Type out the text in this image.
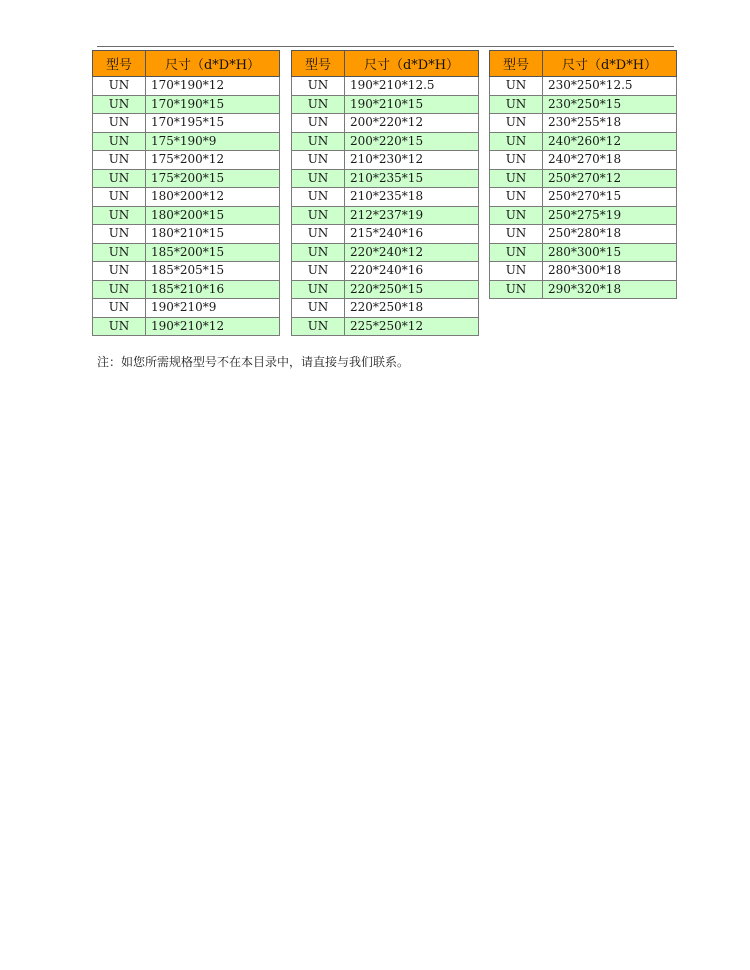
型号	尺寸（d*D*H）
UN	170*190*12
UN	170*190*15
UN	170*195*15
UN	175*190*9
UN	175*200*12
UN	175*200*15
UN	180*200*12
UN	180*200*15
UN	180*210*15
UN	185*200*15
UN	185*205*15
UN	185*210*16
UN	190*210*9
UN	190*210*12
型号	尺寸（d*D*H）
UN	190*210*12.5
UN	190*210*15
UN	200*220*12
UN	200*220*15
UN	210*230*12
UN	210*235*15
UN	210*235*18
UN	212*237*19
UN	215*240*16
UN	220*240*12
UN	220*240*16
UN	220*250*15
UN	220*250*18
UN	225*250*12
型号	尺寸（d*D*H）
UN	230*250*12.5
UN	230*250*15
UN	230*255*18
UN	240*260*12
UN	240*270*18
UN	250*270*12
UN	250*270*15
UN	250*275*19
UN	250*280*18
UN	280*300*15
UN	280*300*18
UN	290*320*18
注：如您所需规格型号不在本目录中，请直接与我们联系。
